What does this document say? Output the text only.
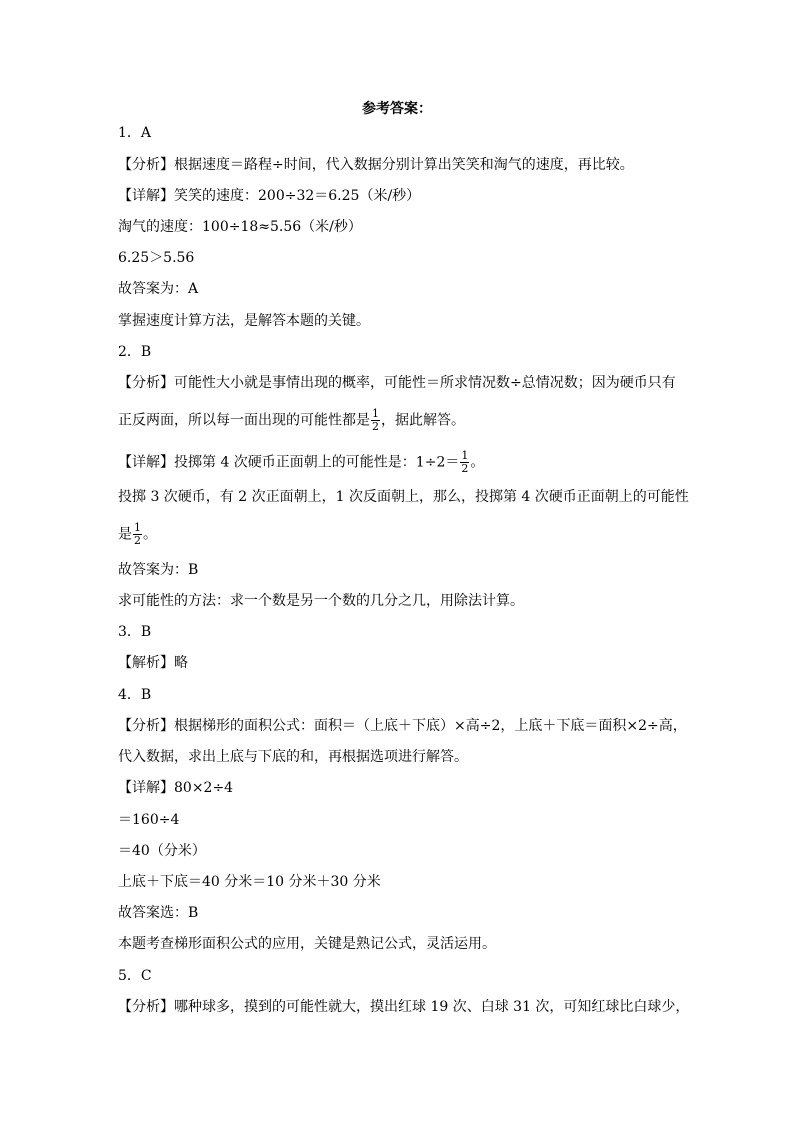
参考答案：
1．A
【分析】根据速度＝路程÷时间，代入数据分别计算出笑笑和淘气的速度，再比较。
【详解】笑笑的速度：200÷32＝6.25（米/秒）
淘气的速度：100÷18≈5.56（米/秒）
6.25＞5.56
故答案为：A
掌握速度计算方法，是解答本题的关键。
2．B
【分析】可能性大小就是事情出现的概率，可能性＝所求情况数÷总情况数；因为硬币只有
正反两面，所以每一面出现的可能性都是 $\frac{1}{2}$ ，据此解答。
【详解】投掷第 4 次硬币正面朝上的可能性是：$1\div 2= \frac{1}{2}$ 。
投掷 3 次硬币，有 2 次正面朝上，1 次反面朝上，那么，投掷第 4 次硬币正面朝上的可能性
是 $\frac{1}{2}$ 。
故答案为：B
求可能性的方法：求一个数是另一个数的几分之几，用除法计算。
3．B
【解析】略
4．B
【分析】根据梯形的面积公式：面积＝（上底＋下底）×高÷2，上底＋下底＝面积×2÷高，
代入数据，求出上底与下底的和，再根据选项进行解答。
【详解】80×2÷4
＝160÷4
＝40（分米）
上底＋下底＝40 分米＝10 分米＋30 分米
故答案选：B
本题考查梯形面积公式的应用，关键是熟记公式，灵活运用。
5．C
【分析】哪种球多，摸到的可能性就大，摸出红球 19 次、白球 31 次，可知红球比白球少，
